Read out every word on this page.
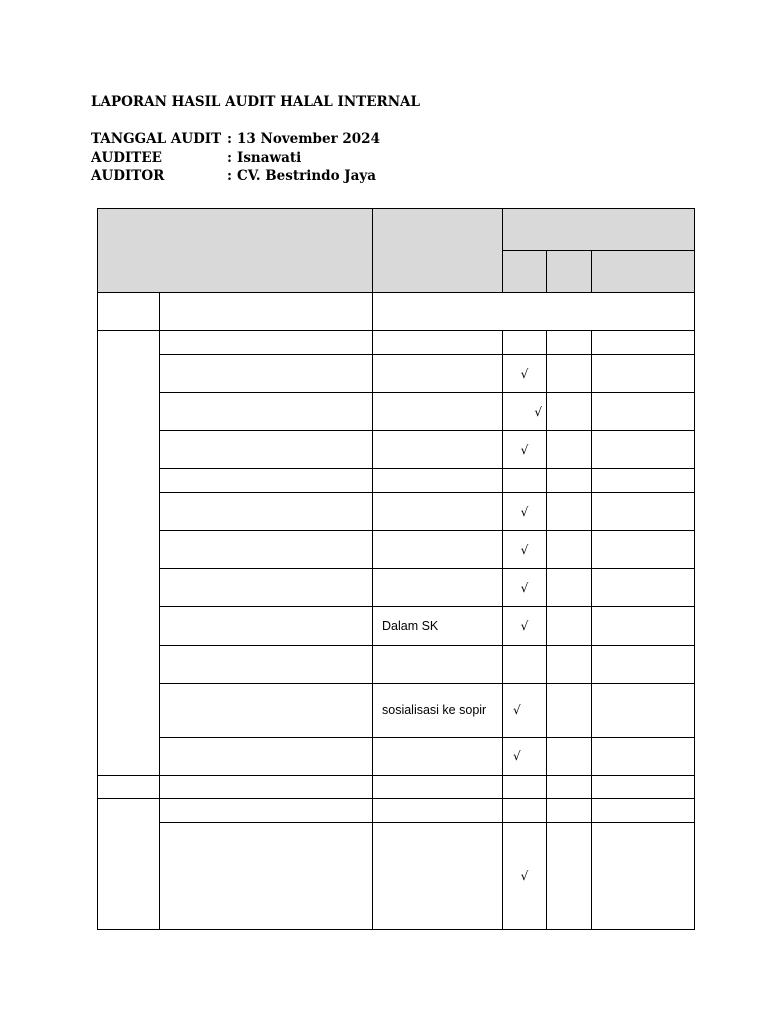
LAPORAN HASIL AUDIT HALAL INTERNAL
TANGGAL AUDIT : 13 November 2024
AUDITEE	: Isnawati
AUDITOR	: CV. Bestrindo Jaya

			√		
			√		
			√		

			√		
			√		
			√		
		Dalam SK	√		

		sosialisasi ke sopir	√		
			√		

			√		
